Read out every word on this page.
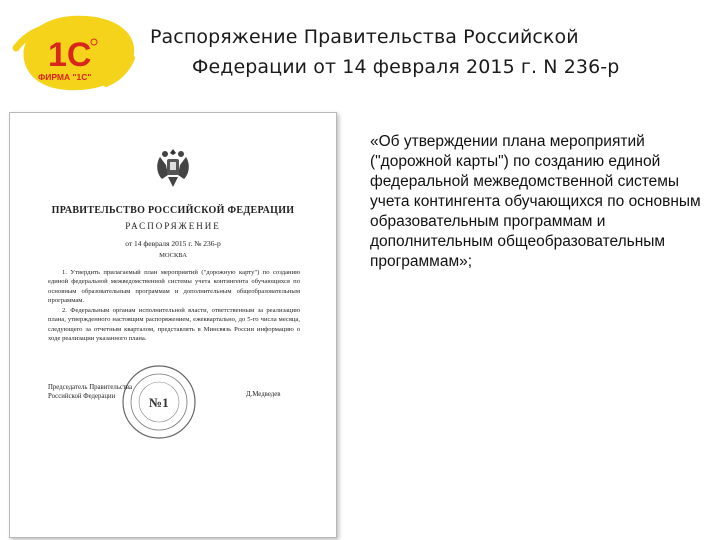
1С
ФИРМА "1С"
Распоряжение Правительства Российской
Федерации от 14 февраля 2015 г. N 236-р
ПРАВИТЕЛЬСТВО РОССИЙСКОЙ ФЕДЕРАЦИИ
РАСПОРЯЖЕНИЕ
от 14 февраля 2015 г. № 236-р
МОСКВА

1. Утвердить прилагаемый план мероприятий ("дорожную карту") по созданию единой федеральной межведомственной системы учета контингента обучающихся по основным образовательным программам и дополнительным общеобразовательным программам.

2. Федеральным органам исполнительной власти, ответственным за реализацию плана, утвержденного настоящим распоряжением, ежеквартально, до 5-го числа месяца, следующего за отчетным кварталом, представлять в Минсвязь России информацию о ходе реализации указанного плана.

№1
Председатель Правительства
Российской Федерации	Д.Медведев
«Об утверждении плана мероприятий ("дорожной карты") по созданию единой федеральной межведомственной системы учета контингента обучающихся по основным образовательным программам и дополнительным общеобразовательным программам»;
